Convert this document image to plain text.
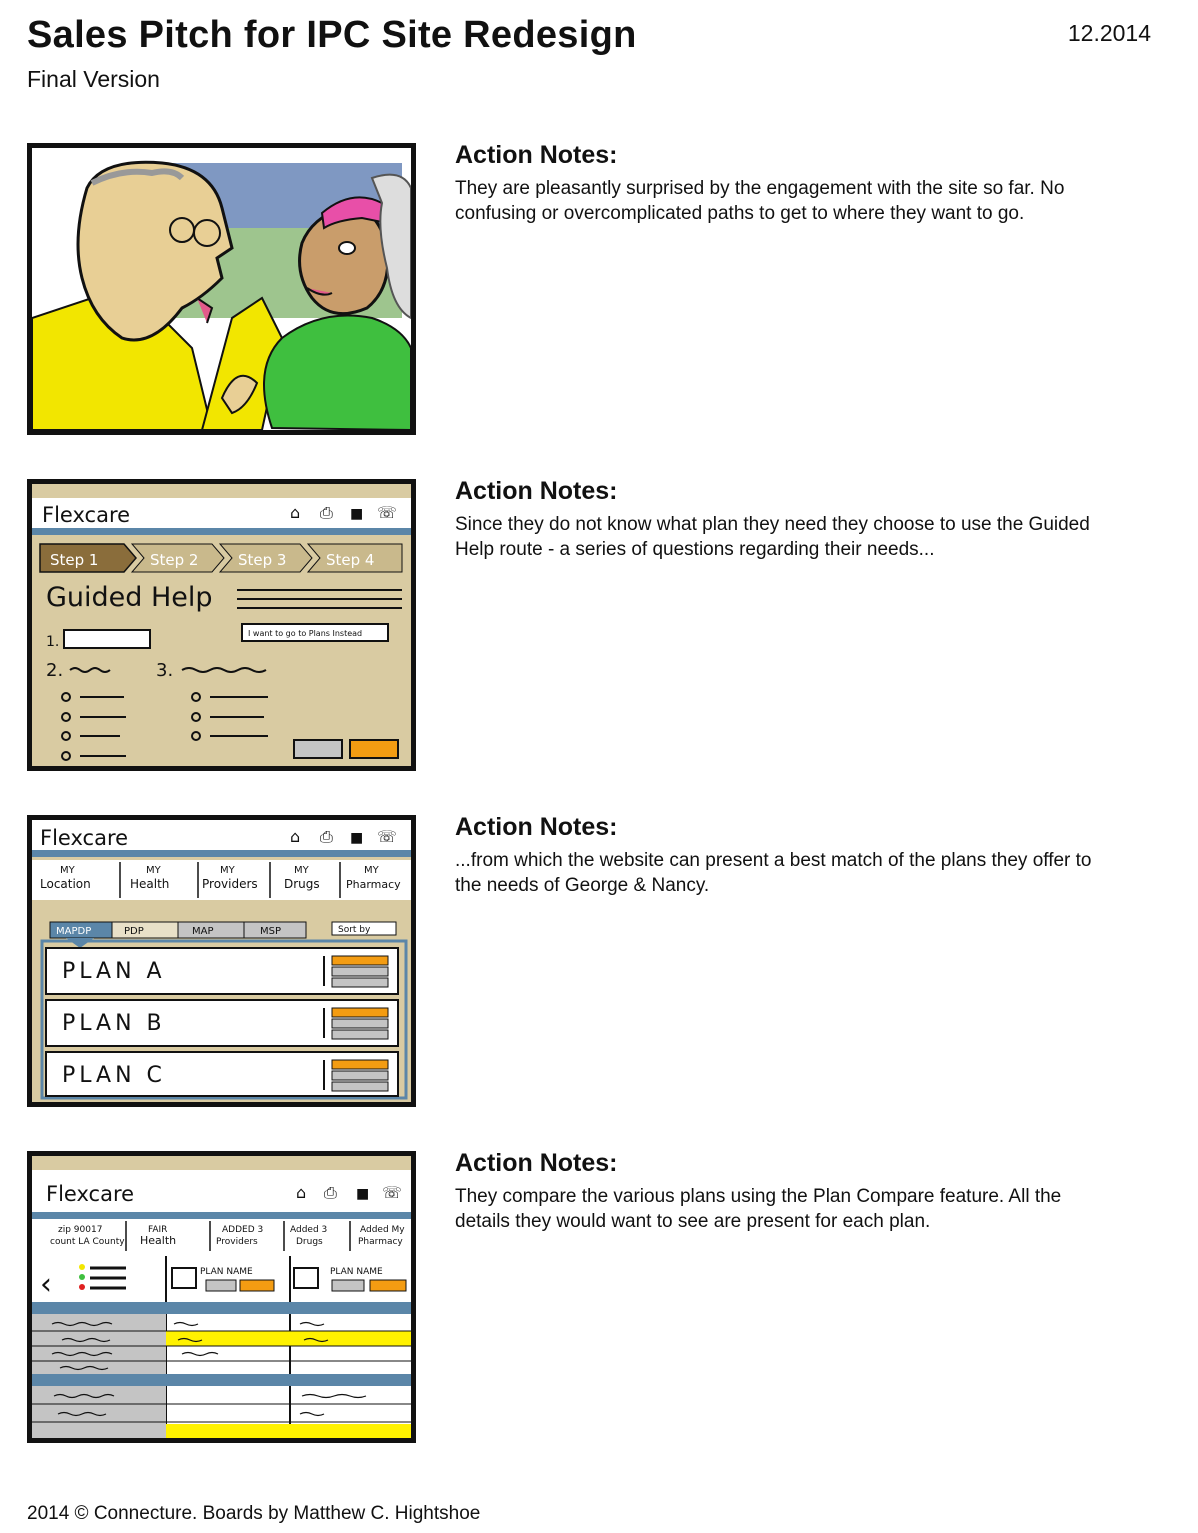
Sales Pitch for IPC Site Redesign
Final Version
12.2014
Action Notes:

They are pleasantly surprised by the engagement with the site so far. No confusing or overcomplicated paths to get to where they want to go.

Flexcare	⌂ ⎙ ■ ☏
Step 1	Step 2	Step 3	Step 4
Guided Help
I want to go to Plans Instead
1.
2.	3.
Action Notes:

Since they do not know what plan they need they choose to use the Guided Help route - a series of questions regarding their needs...

Flexcare	⌂ ⎙ ■ ☏
MY
Location
MY
Health
MY
Providers
MY
Drugs
MY
Pharmacy
MAPDP	PDP	MAP	MSP	Sort by
PLAN A
PLAN B
PLAN C
Action Notes:

...from which the website can present a best match of the plans they offer to the needs of George & Nancy.

Flexcare	⌂ ⎙ ■ ☏
zip 90017
count LA County
FAIR
Health
ADDED 3
Providers
Added 3
Drugs
Added My
Pharmacy
‹	PLAN NAME	PLAN NAME
Action Notes:

They compare the various plans using the Plan Compare feature. All the details they would want to see are present for each plan.

2014 © Connecture. Boards by Matthew C. Hightshoe
